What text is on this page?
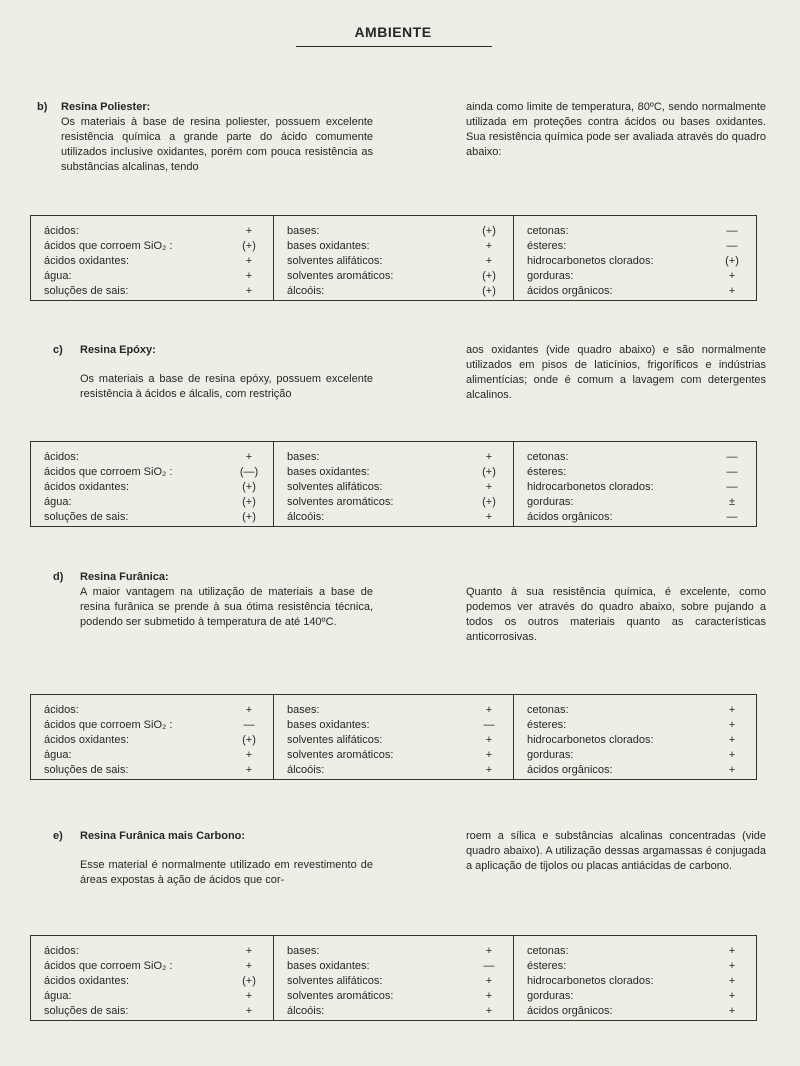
AMBIENTE
b) Resina Poliester:
Os materiais à base de resina poliester, possuem excelente resistência química a grande parte do ácido comumente utilizados inclusive oxidantes, porém com pouca resistência as substâncias alcalinas, tendo
ainda como limite de temperatura, 80ºC, sendo normalmente utilizada em proteções contra ácidos ou bases oxidantes. Sua resistência química pode ser avaliada através do quadro abaixo:
ácidos:	+
ácidos que corroem SiO₂ :	(+)
ácidos oxidantes:	+
água:	+
soluções de sais:	+
bases:	(+)
bases oxidantes:	+
solventes alifáticos:	+
solventes aromáticos:	(+)
álcoóis:	(+)
cetonas:	—
ésteres:	—
hidrocarbonetos clorados:	(+)
gorduras:	+
ácidos orgânicos:	+
c) Resina Epóxy:
Os materiais a base de resina epóxy, possuem excelente resistência à ácidos e álcalis, com restrição
aos oxidantes (vide quadro abaixo) e são normalmente utilizados em pisos de laticínios, frigoríficos e indústrias alimentícias; onde é comum a lavagem com detergentes alcalinos.
ácidos:	+
ácidos que corroem SiO₂ :	(—)
ácidos oxidantes:	(+)
água:	(+)
soluções de sais:	(+)
bases:	+
bases oxidantes:	(+)
solventes alifáticos:	+
solventes aromáticos:	(+)
álcoóis:	+
cetonas:	—
ésteres:	—
hidrocarbonetos clorados:	—
gorduras:	±
ácidos orgânicos:	—
d) Resina Furânica:
A maior vantagem na utilização de materiais a base de resina furânica se prende à sua ótima resistência técnica, podendo ser submetido à temperatura de até 140ºC.
Quanto à sua resistência química, é excelente, como podemos ver através do quadro abaixo, sobre pujando a todos os outros materiais quanto as características anticorrosivas.
ácidos:	+
ácidos que corroem SiO₂ :	—
ácidos oxidantes:	(+)
água:	+
soluções de sais:	+
bases:	+
bases oxidantes:	—
solventes alifáticos:	+
solventes aromáticos:	+
álcoóis:	+
cetonas:	+
ésteres:	+
hidrocarbonetos clorados:	+
gorduras:	+
ácidos orgânicos:	+
e) Resina Furânica mais Carbono:
Esse material é normalmente utilizado em revestimento de áreas expostas à ação de ácidos que cor-
roem a sílica e substâncias alcalinas concentradas (vide quadro abaixo). A utilização dessas argamassas é conjugada a aplicação de tijolos ou placas antiácidas de carbono.
ácidos:	+
ácidos que corroem SiO₂ :	+
ácidos oxidantes:	(+)
água:	+
soluções de sais:	+
bases:	+
bases oxidantes:	—
solventes alifáticos:	+
solventes aromáticos:	+
álcoóis:	+
cetonas:	+
ésteres:	+
hidrocarbonetos clorados:	+
gorduras:	+
ácidos orgânicos:	+
